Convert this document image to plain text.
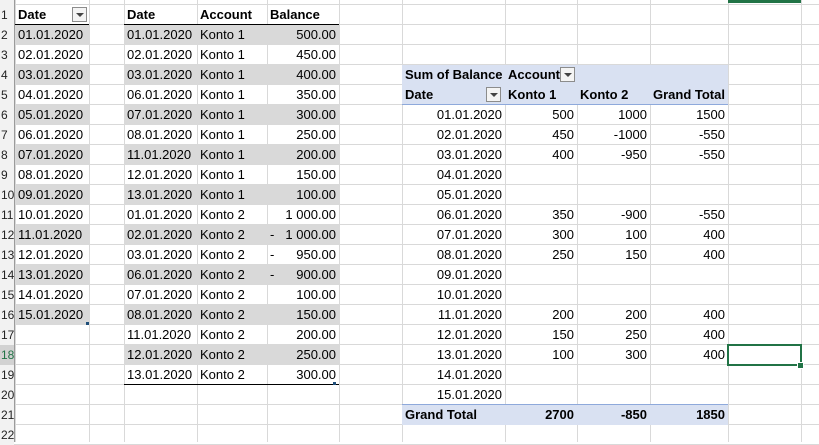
1
2
3
4
5
6
7
8
9
10
11
12
13
14
15
16
17
18
19
20
21
22
Date
01.01.2020
02.01.2020
03.01.2020
04.01.2020
05.01.2020
06.01.2020
07.01.2020
08.01.2020
09.01.2020
10.01.2020
11.01.2020
12.01.2020
13.01.2020
14.01.2020
15.01.2020
Date	Account	Balance
01.01.2020 Konto 1	500.00
02.01.2020 Konto 1	450.00
03.01.2020 Konto 1	400.00
06.01.2020 Konto 1	350.00
07.01.2020 Konto 1	300.00
08.01.2020 Konto 1	250.00
11.01.2020 Konto 1	200.00
12.01.2020 Konto 1	150.00
13.01.2020 Konto 1	100.00
01.01.2020 Konto 2	1 000.00
02.01.2020 Konto 2	- 1 000.00
03.01.2020 Konto 2	- 950.00
06.01.2020 Konto 2	- 900.00
07.01.2020 Konto 2	100.00
08.01.2020 Konto 2	150.00
11.01.2020 Konto 2	200.00
12.01.2020 Konto 2	250.00
13.01.2020 Konto 2	300.00
Sum of Balance Account
Date	Konto 1	Konto 2	Grand Total
01.01.2020	500	1000	1500
02.01.2020	450	-1000	-550
03.01.2020	400	-950	-550
04.01.2020
05.01.2020
06.01.2020	350	-900	-550
07.01.2020	300	100	400
08.01.2020	250	150	400
09.01.2020
10.01.2020
11.01.2020	200	200	400
12.01.2020	150	250	400
13.01.2020	100	300	400
14.01.2020
15.01.2020
Grand Total	2700	-850	1850
